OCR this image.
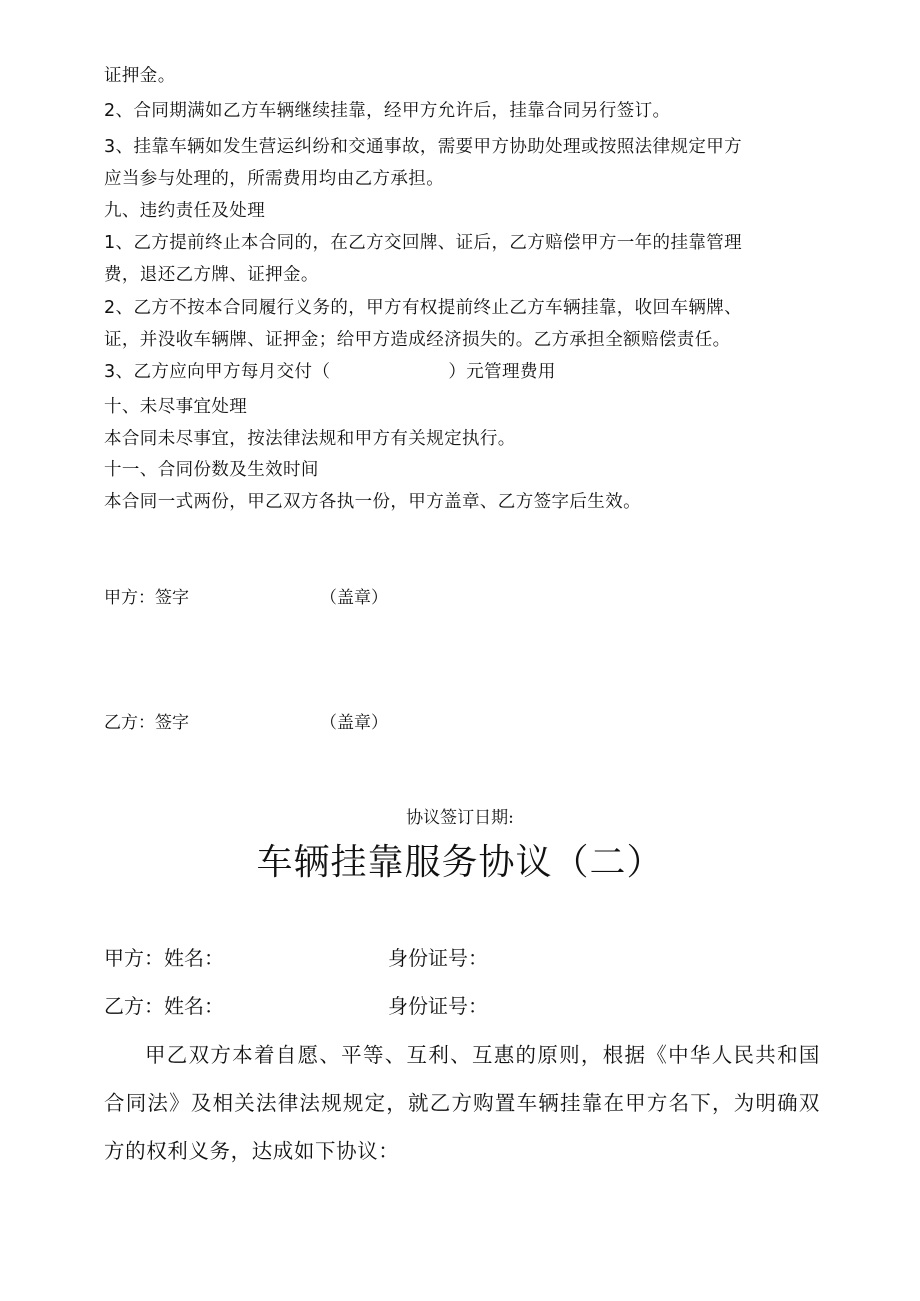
证押金。
2、合同期满如乙方车辆继续挂靠，经甲方允许后，挂靠合同另行签订。
3、挂靠车辆如发生营运纠纷和交通事故，需要甲方协助处理或按照法律规定甲方
应当参与处理的，所需费用均由乙方承担。
九、违约责任及处理
1、乙方提前终止本合同的，在乙方交回牌、证后，乙方赔偿甲方一年的挂靠管理
费，退还乙方牌、证押金。
2、乙方不按本合同履行义务的，甲方有权提前终止乙方车辆挂靠，收回车辆牌、
证，并没收车辆牌、证押金；给甲方造成经济损失的。乙方承担全额赔偿责任。
3、乙方应向甲方每月交付（	）元管理费用
十、未尽事宜处理
本合同未尽事宜，按法律法规和甲方有关规定执行。
十一、合同份数及生效时间
本合同一式两份，甲乙双方各执一份，甲方盖章、乙方签字后生效。
甲方：签字	（盖章）
乙方：签字	（盖章）
协议签订日期:
车辆挂靠服务协议（二）
甲方：姓名：	身份证号：
乙方：姓名：	身份证号：
甲乙双方本着自愿、平等、互利、互惠的原则，根据《中华人民共和国合同法》及相关法律法规规定，就乙方购置车辆挂靠在甲方名下，为明确双方的权利义务，达成如下协议：
